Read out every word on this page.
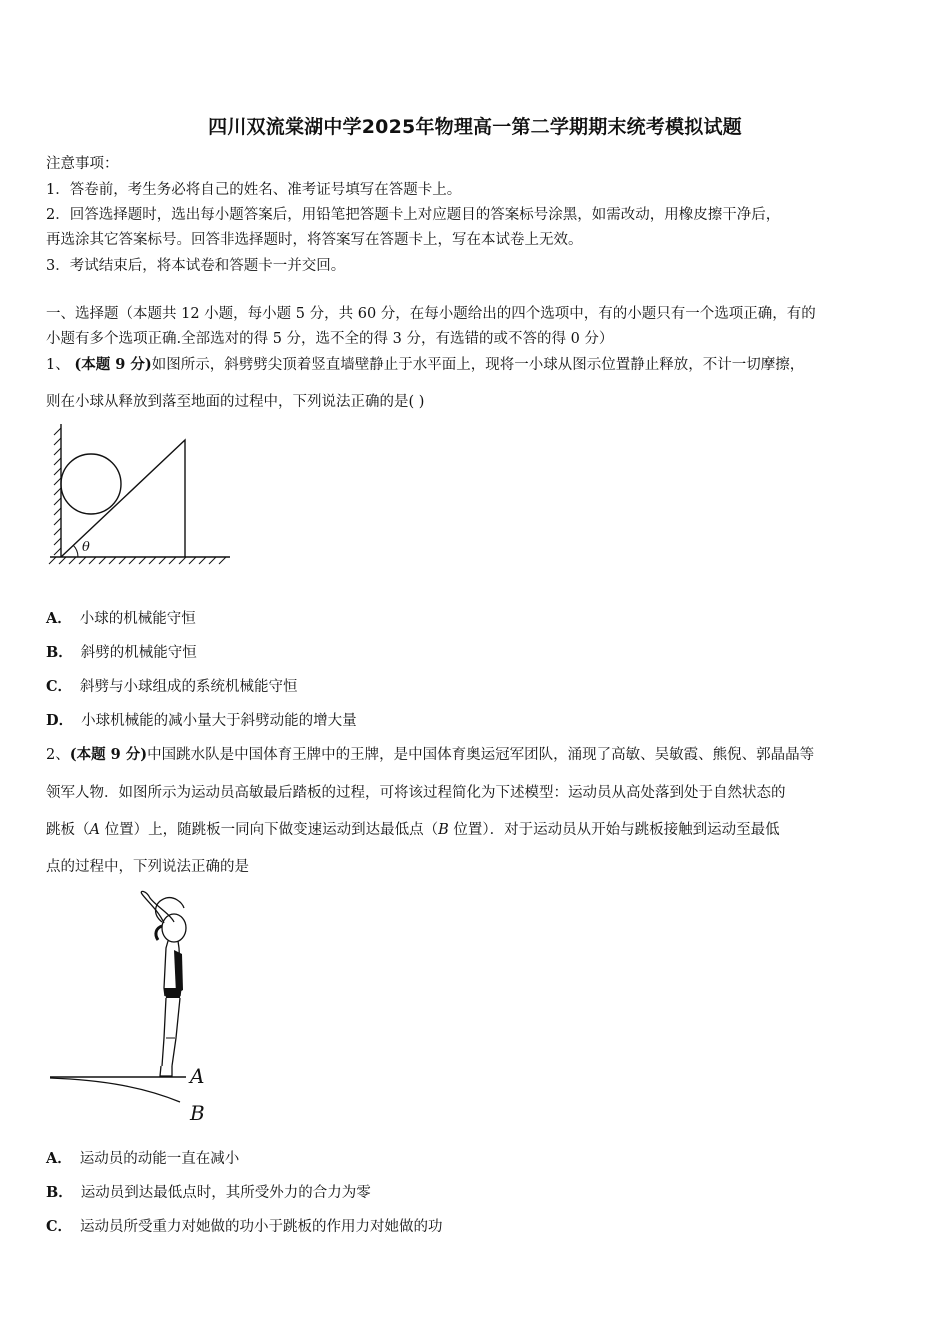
四川双流棠湖中学2025年物理高一第二学期期末统考模拟试题
注意事项：
1．答卷前，考生务必将自己的姓名、准考证号填写在答题卡上。
2．回答选择题时，选出每小题答案后，用铅笔把答题卡上对应题目的答案标号涂黑，如需改动，用橡皮擦干净后，
再选涂其它答案标号。回答非选择题时，将答案写在答题卡上，写在本试卷上无效。
3．考试结束后，将本试卷和答题卡一并交回。
一、选择题（本题共 12 小题，每小题 5 分，共 60 分，在每小题给出的四个选项中，有的小题只有一个选项正确，有的
小题有多个选项正确.全部选对的得 5 分，选不全的得 3 分，有选错的或不答的得 0 分）
1、 (本题 9 分)如图所示，斜劈劈尖顶着竖直墙壁静止于水平面上，现将一小球从图示位置静止释放，不计一切摩擦，
则在小球从释放到落至地面的过程中，下列说法正确的是( )
θ
A． 小球的机械能守恒
B． 斜劈的机械能守恒
C． 斜劈与小球组成的系统机械能守恒
D． 小球机械能的减小量大于斜劈动能的增大量
2、(本题 9 分)中国跳水队是中国体育王牌中的王牌，是中国体育奥运冠军团队，涌现了高敏、吴敏霞、熊倪、郭晶晶等
领军人物．如图所示为运动员高敏最后踏板的过程，可将该过程简化为下述模型：运动员从高处落到处于自然状态的
跳板（A 位置）上，随跳板一同向下做变速运动到达最低点（B 位置）．对于运动员从开始与跳板接触到运动至最低
点的过程中，下列说法正确的是
A
B
A． 运动员的动能一直在减小
B． 运动员到达最低点时，其所受外力的合力为零
C． 运动员所受重力对她做的功小于跳板的作用力对她做的功
